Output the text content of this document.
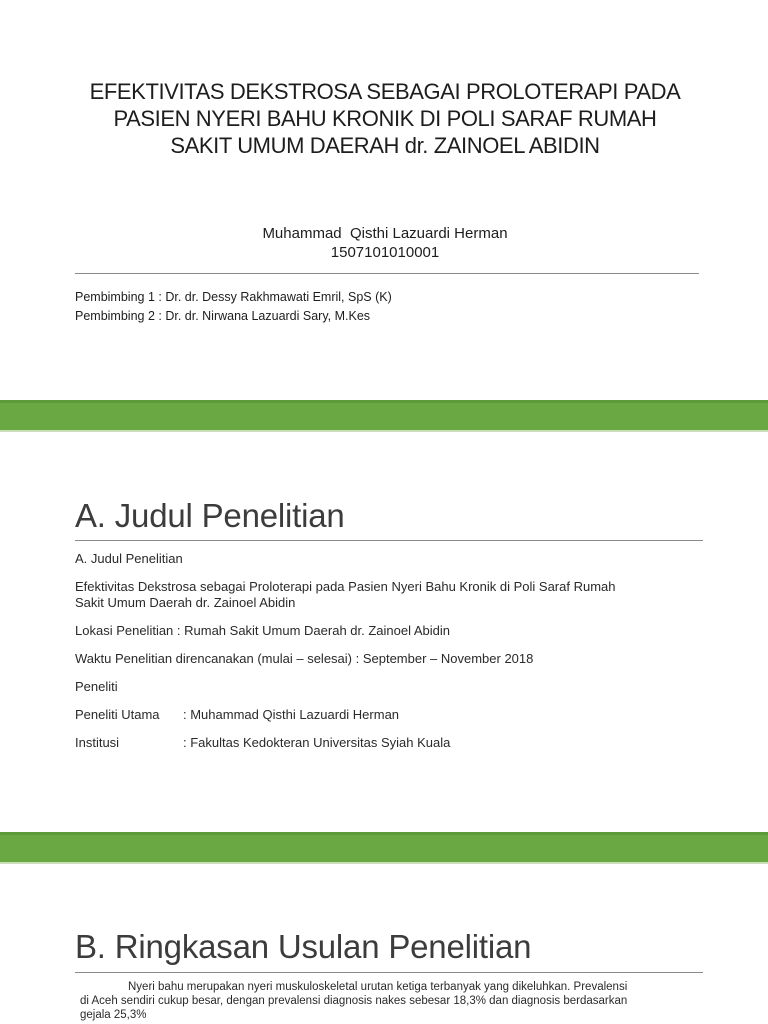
EFEKTIVITAS DEKSTROSA SEBAGAI PROLOTERAPI PADA
PASIEN NYERI BAHU KRONIK DI POLI SARAF RUMAH
SAKIT UMUM DAERAH dr. ZAINOEL ABIDIN
Muhammad  Qisthi Lazuardi Herman
1507101010001
Pembimbing 1 : Dr. dr. Dessy Rakhmawati Emril, SpS (K)
Pembimbing 2 : Dr. dr. Nirwana Lazuardi Sary, M.Kes
A. Judul Penelitian

A. Judul Penelitian

Efektivitas Dekstrosa sebagai Proloterapi pada Pasien Nyeri Bahu Kronik di Poli Saraf Rumah
Sakit Umum Daerah dr. Zainoel Abidin

Lokasi Penelitian : Rumah Sakit Umum Daerah dr. Zainoel Abidin

Waktu Penelitian direncanakan (mulai – selesai) : September – November 2018

Peneliti

Peneliti Utama : Muhammad Qisthi Lazuardi Herman

Institusi	: Fakultas Kedokteran Universitas Syiah Kuala

B. Ringkasan Usulan Penelitian
Nyeri bahu merupakan nyeri muskuloskeletal urutan ketiga terbanyak yang dikeluhkan. Prevalensi
di Aceh sendiri cukup besar, dengan prevalensi diagnosis nakes sebesar 18,3% dan diagnosis berdasarkan
gejala 25,3%
